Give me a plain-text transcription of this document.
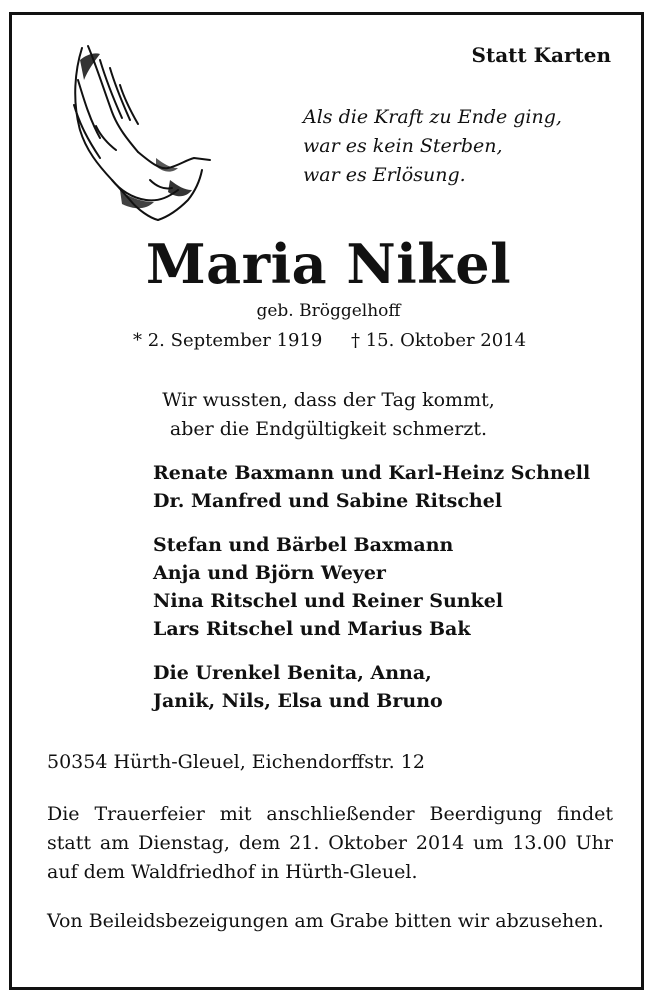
Statt Karten
Als die Kraft zu Ende ging,
war es kein Sterben,
war es Erlösung.
Maria Nikel
geb. Bröggelhoff
* 2. September 1919 † 15. Oktober 2014
Wir wussten, dass der Tag kommt,
aber die Endgültigkeit schmerzt.
Renate Baxmann und Karl-Heinz Schnell
Dr. Manfred und Sabine Ritschel
Stefan und Bärbel Baxmann
Anja und Björn Weyer
Nina Ritschel und Reiner Sunkel
Lars Ritschel und Marius Bak
Die Urenkel Benita, Anna,
Janik, Nils, Elsa und Bruno
50354 Hürth-Gleuel, Eichendorffstr. 12
Die Trauerfeier mit anschließender Beerdigung findet statt am Dienstag, dem 21. Oktober 2014 um 13.00 Uhr auf dem Waldfriedhof in Hürth-Gleuel.
Von Beileidsbezeigungen am Grabe bitten wir abzusehen.
